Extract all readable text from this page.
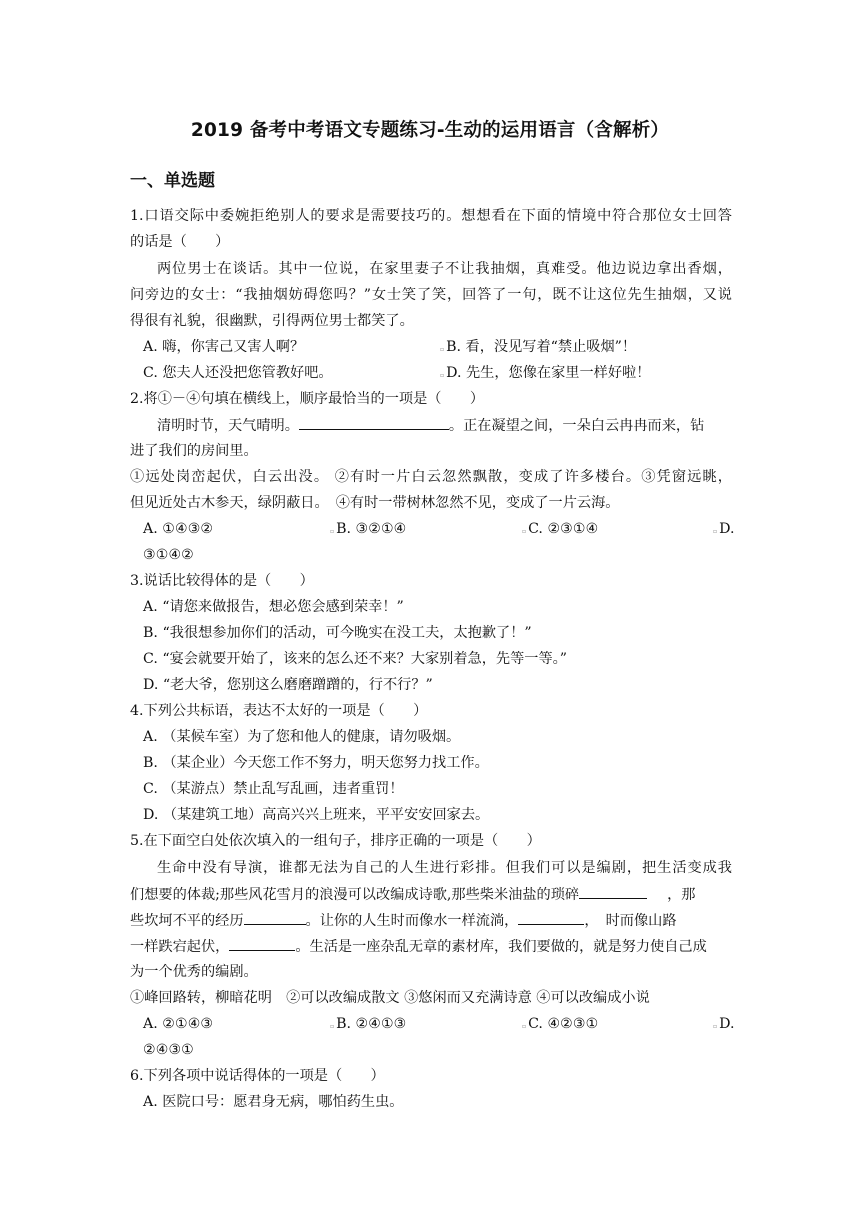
2019 备考中考语文专题练习-生动的运用语言（含解析）
一、单选题
1.口语交际中委婉拒绝别人的要求是需要技巧的。想想看在下面的情境中符合那位女士回答
的话是（　　）
两位男士在谈话。其中一位说，在家里妻子不让我抽烟，真难受。他边说边拿出香烟，
问旁边的女士：“我抽烟妨碍您吗？”女士笑了笑，回答了一句，既不让这位先生抽烟，又说
得很有礼貌，很幽默，引得两位男士都笑了。
A. 嗨，你害己又害人啊？	▫ B. 看，没见写着“禁止吸烟”！
C. 您夫人还没把您管教好吧。	▫ D. 先生，您像在家里一样好啦！
2.将①－④句填在横线上，顺序最恰当的一项是（　　）
清明时节，天气晴明。	。正在凝望之间，一朵白云冉冉而来，钻
进了我们的房间里。
①远处岗峦起伏，白云出没。 ②有时一片白云忽然飘散，变成了许多楼台。③凭窗远眺，
但见近处古木参天，绿阴蔽日。　④有时一带树林忽然不见，变成了一片云海。
A. ①④③②	▫ B. ③②①④	▫ C. ②③①④	▫ D.
③①④②
3.说话比较得体的是（　　）
A. “请您来做报告，想必您会感到荣幸！”
B. “我很想参加你们的活动，可今晚实在没工夫，太抱歉了！”
C. “宴会就要开始了，该来的怎么还不来？大家别着急，先等一等。”
D. “老大爷，您别这么磨磨蹭蹭的，行不行？”
4.下列公共标语，表达不太好的一项是（　　）
A. （某候车室）为了您和他人的健康，请勿吸烟。
B. （某企业）今天您工作不努力，明天您努力找工作。
C. （某游点）禁止乱写乱画，违者重罚！
D. （某建筑工地）高高兴兴上班来，平平安安回家去。
5.在下面空白处依次填入的一组句子，排序正确的一项是（　　）
生命中没有导演，谁都无法为自己的人生进行彩排。但我们可以是编剧，把生活变成我
们想要的体裁;那些风花雪月的浪漫可以改编成诗歌,那些柴米油盐的琐碎	，那
些坎坷不平的经历	。让你的人生时而像水一样流淌，	，　时而像山路
一样跌宕起伏，	。生活是一座杂乱无章的素材库，我们要做的，就是努力使自己成
为一个优秀的编剧。
①峰回路转，柳暗花明　②可以改编成散文 ③悠闲而又充满诗意 ④可以改编成小说
A. ②①④③	▫ B. ②④①③	▫ C. ④②③①	▫ D.
②④③①
6.下列各项中说话得体的一项是（　　）
A. 医院口号：愿君身无病，哪怕药生虫。
